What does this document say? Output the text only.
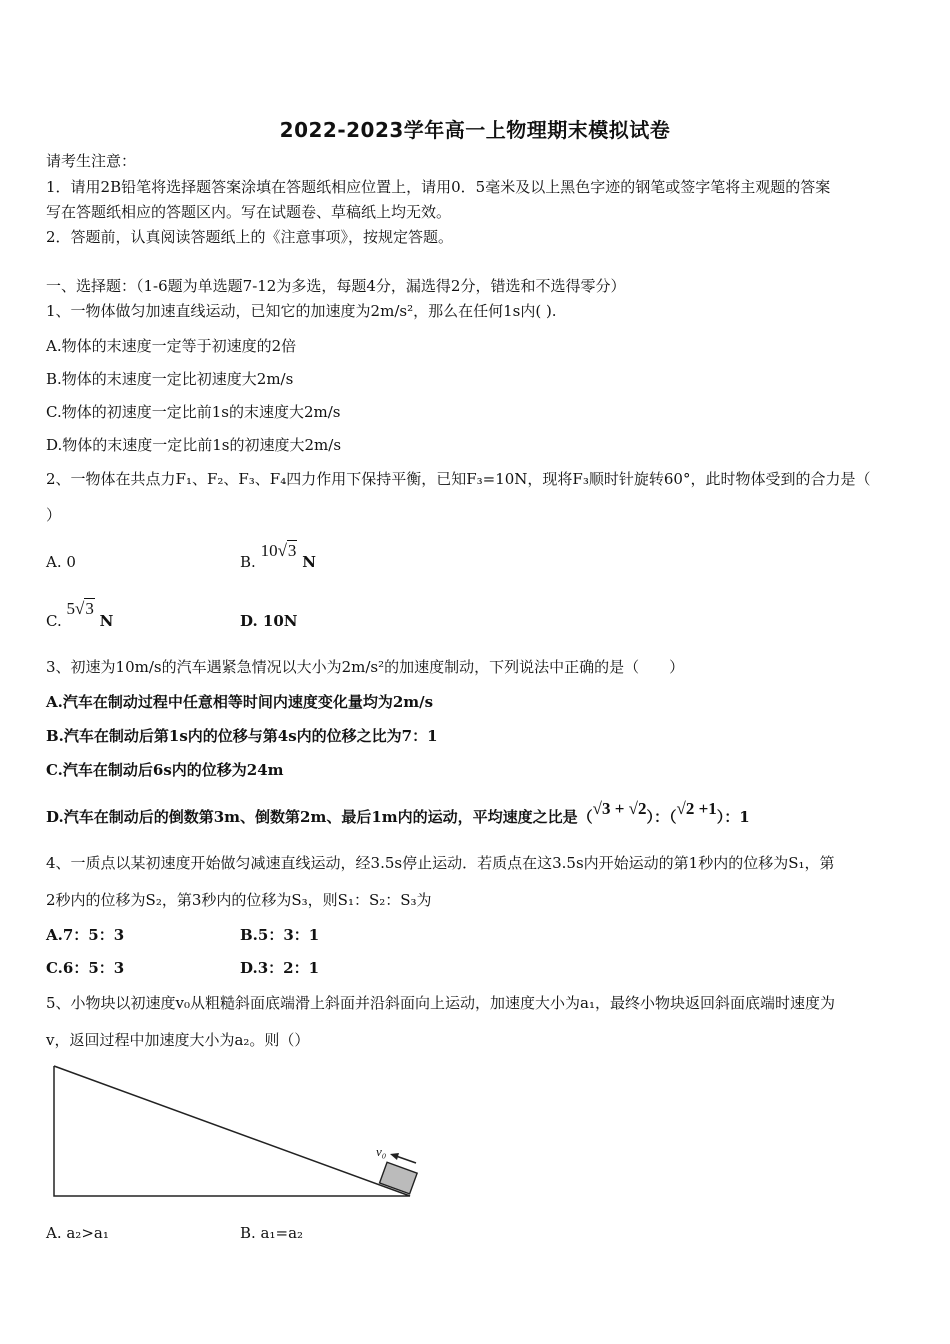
2022-2023学年高一上物理期末模拟试卷
请考生注意：
1．请用2B铅笔将选择题答案涂填在答题纸相应位置上，请用0．5毫米及以上黑色字迹的钢笔或签字笔将主观题的答案
写在答题纸相应的答题区内。写在试题卷、草稿纸上均无效。
2．答题前，认真阅读答题纸上的《注意事项》，按规定答题。
一、选择题：（1-6题为单选题7-12为多选，每题4分，漏选得2分，错选和不选得零分）
1、一物体做匀加速直线运动，已知它的加速度为2m/s²，那么在任何1s内( ).
A.物体的末速度一定等于初速度的2倍
B.物体的末速度一定比初速度大2m/s
C.物体的初速度一定比前1s的末速度大2m/s
D.物体的末速度一定比前1s的初速度大2m/s
2、一物体在共点力F₁、F₂、F₃、F₄四力作用下保持平衡，已知F₃=10N，现将F₃顺时针旋转60°，此时物体受到的合力是（
）
A. 0	B. 10√3 N
C. 5√3 N	D. 10N
3、初速为10m/s的汽车遇紧急情况以大小为2m/s²的加速度制动，下列说法中正确的是（　　）
A.汽车在制动过程中任意相等时间内速度变化量均为2m/s
B.汽车在制动后第1s内的位移与第4s内的位移之比为7：1
C.汽车在制动后6s内的位移为24m
D.汽车在制动后的倒数第3m、倒数第2m、最后1m内的运动，平均速度之比是（√3 + √2）：（√2 +1）：1
4、一质点以某初速度开始做匀减速直线运动，经3.5s停止运动．若质点在这3.5s内开始运动的第1秒内的位移为S₁，第
2秒内的位移为S₂，第3秒内的位移为S₃，则S₁：S₂：S₃为
A.7：5：3	B.5：3：1
C.6：5：3	D.3：2：1
5、小物块以初速度v₀从粗糙斜面底端滑上斜面并沿斜面向上运动，加速度大小为a₁，最终小物块返回斜面底端时速度为
v，返回过程中加速度大小为a₂。则（）
v₀
A. a₂>a₁	B. a₁=a₂
